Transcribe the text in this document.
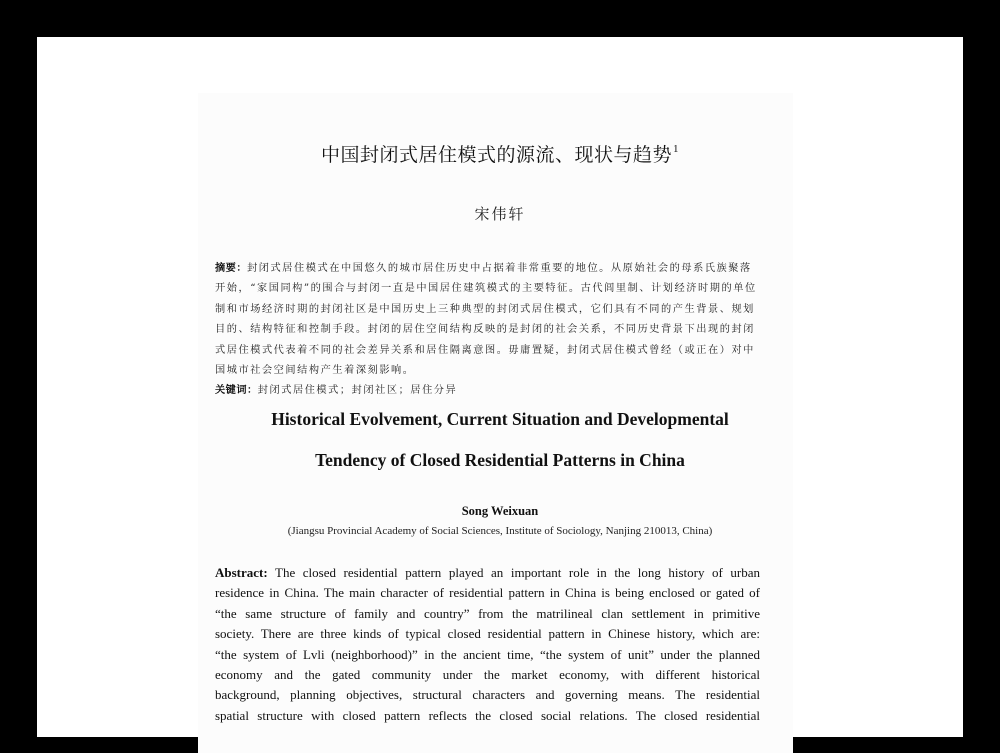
中国封闭式居住模式的源流、现状与趋势$^1$
宋伟轩
摘要：封闭式居住模式在中国悠久的城市居住历史中占据着非常重要的地位。从原始社会的母系氏族聚落
开始，“家国同构”的围合与封闭一直是中国居住建筑模式的主要特征。古代闾里制、计划经济时期的单位
制和市场经济时期的封闭社区是中国历史上三种典型的封闭式居住模式，它们具有不同的产生背景、规划
目的、结构特征和控制手段。封闭的居住空间结构反映的是封闭的社会关系，不同历史背景下出现的封闭
式居住模式代表着不同的社会差异关系和居住隔离意图。毋庸置疑，封闭式居住模式曾经（或正在）对中
国城市社会空间结构产生着深刻影响。
关键词：封闭式居住模式；封闭社区；居住分异
Historical Evolvement, Current Situation and Developmental
Tendency of Closed Residential Patterns in China
Song Weixuan
(Jiangsu Provincial Academy of Social Sciences, Institute of Sociology, Nanjing 210013, China)
Abstract: The closed residential pattern played an important role in the long history of urban
residence in China. The main character of residential pattern in China is being enclosed or gated of
“the same structure of family and country” from the matrilineal clan settlement in primitive
society. There are three kinds of typical closed residential pattern in Chinese history, which are:
“the system of Lvli (neighborhood)” in the ancient time, “the system of unit” under the planned
economy and the gated community under the market economy, with different historical
background, planning objectives, structural characters and governing means. The residential
spatial structure with closed pattern reflects the closed social relations. The closed residential
